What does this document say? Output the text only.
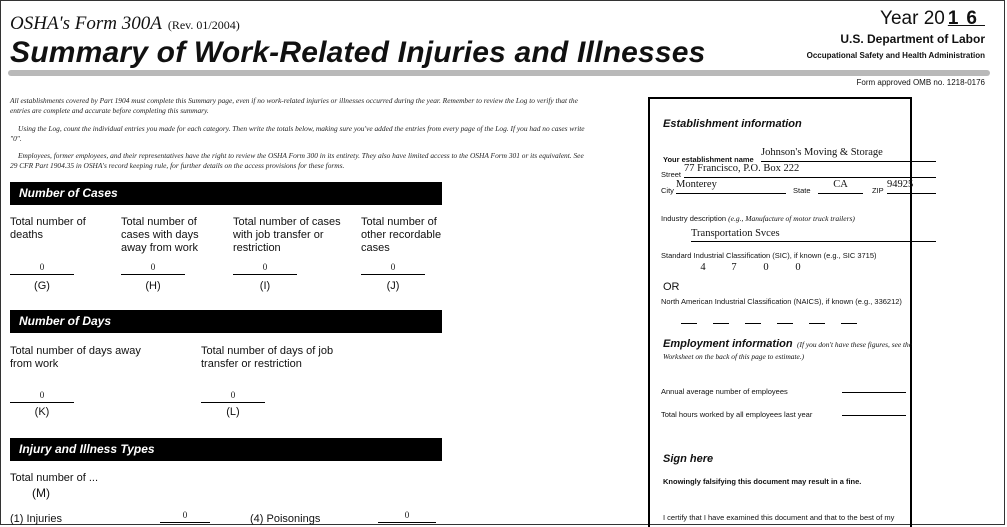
OSHA's Form 300A (Rev. 01/2004)
Summary of Work-Related Injuries and Illnesses
Year 20 16
U.S. Department of Labor
Occupational Safety and Health Administration
Form approved OMB no. 1218-0176
All establishments covered by Part 1904 must complete this Summary page, even if no work-related injuries or illnesses occurred during the year. Remember to review the Log to verify that the entries are complete and accurate before completing this summary.
Using the Log, count the individual entries you made for each category. Then write the totals below, making sure you've added the entries from every page of the Log. If you had no cases write "0".
Employees, former employees, and their representatives have the right to review the OSHA Form 300 in its entirety. They also have limited access to the OSHA Form 301 or its equivalent. See 29 CFR Part 1904.35 in OSHA's record keeping rule, for further details on the access provisions for these forms.
Number of Cases
Total number of deaths
0
(G)
Total number of cases with days away from work
0
(H)
Total number of cases with job transfer or restriction
0
(I)
Total number of other recordable cases
0
(J)
Number of Days
Total number of days away from work
0
(K)
Total number of days of job transfer or restriction
0
(L)
Injury and Illness Types
Total number of ...
(M)
(1) Injuries	0	(4) Poisonings	0
Establishment information
Your establishment name
Johnson's Moving & Storage
Street
77 Francisco, P.O. Box 222
City
Monterey
State
CA
ZIP
94925
Industry description (e.g., Manufacture of motor truck trailers)
Transportation Svces
Standard Industrial Classification (SIC), if known (e.g., SIC 3715)
4	7	0	0
OR
North American Industrial Classification (NAICS), if known (e.g., 336212)
Employment information (If you don't have these figures, see the Worksheet on the back of this page to estimate.)
Annual average number of employees
Total hours worked by all employees last year
Sign here
Knowingly falsifying this document may result in a fine.
I certify that I have examined this document and that to the best of my
